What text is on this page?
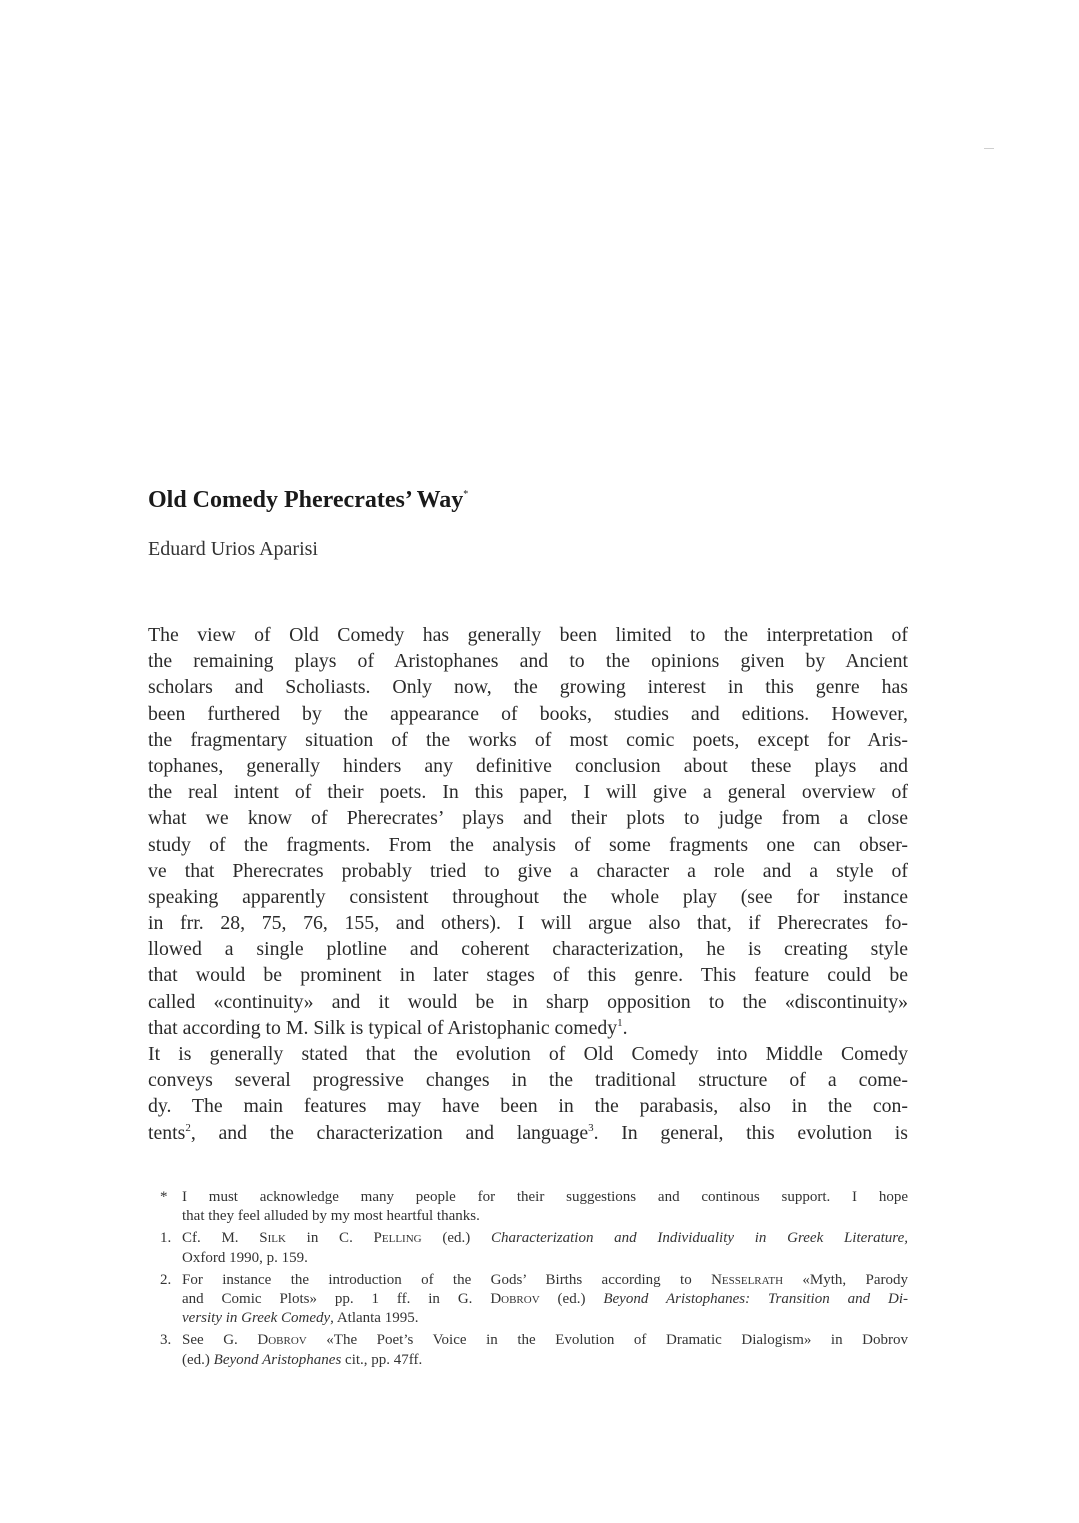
Old Comedy Pherecrates’ Way*
Eduard Urios Aparisi
The view of Old Comedy has generally been limited to the interpretation of
the remaining plays of Aristophanes and to the opinions given by Ancient
scholars and Scholiasts. Only now, the growing interest in this genre has
been furthered by the appearance of books, studies and editions. However,
the fragmentary situation of the works of most comic poets, except for Aris-
tophanes, generally hinders any definitive conclusion about these plays and
the real intent of their poets. In this paper, I will give a general overview of
what we know of Pherecrates’ plays and their plots to judge from a close
study of the fragments. From the analysis of some fragments one can obser-
ve that Pherecrates probably tried to give a character a role and a style of
speaking apparently consistent throughout the whole play (see for instance
in frr. 28, 75, 76, 155, and others). I will argue also that, if Pherecrates fo-
llowed a single plotline and coherent characterization, he is creating style
that would be prominent in later stages of this genre. This feature could be
called «continuity» and it would be in sharp opposition to the «discontinuity»
that according to M. Silk is typical of Aristophanic comedy$^1$.
It is generally stated that the evolution of Old Comedy into Middle Comedy
conveys several progressive changes in the traditional structure of a come-
dy. The main features may have been in the parabasis, also in the con-
tents$^2$, and the characterization and language$^3$. In general, this evolution is
* I must acknowledge many people for their suggestions and continous support. I hope
that they feel alluded by my most heartful thanks.
1. Cf. M. Silk in C. Pelling (ed.) Characterization and Individuality in Greek Literature,
Oxford 1990, p. 159.
2. For instance the introduction of the Gods’ Births according to Nesselrath «Myth, Parody
and Comic Plots» pp. 1 ff. in G. Dobrov (ed.) Beyond Aristophanes: Transition and Di-
versity in Greek Comedy, Atlanta 1995.
3. See G. Dobrov «The Poet’s Voice in the Evolution of Dramatic Dialogism» in Dobrov
(ed.) Beyond Aristophanes cit., pp. 47ff.
